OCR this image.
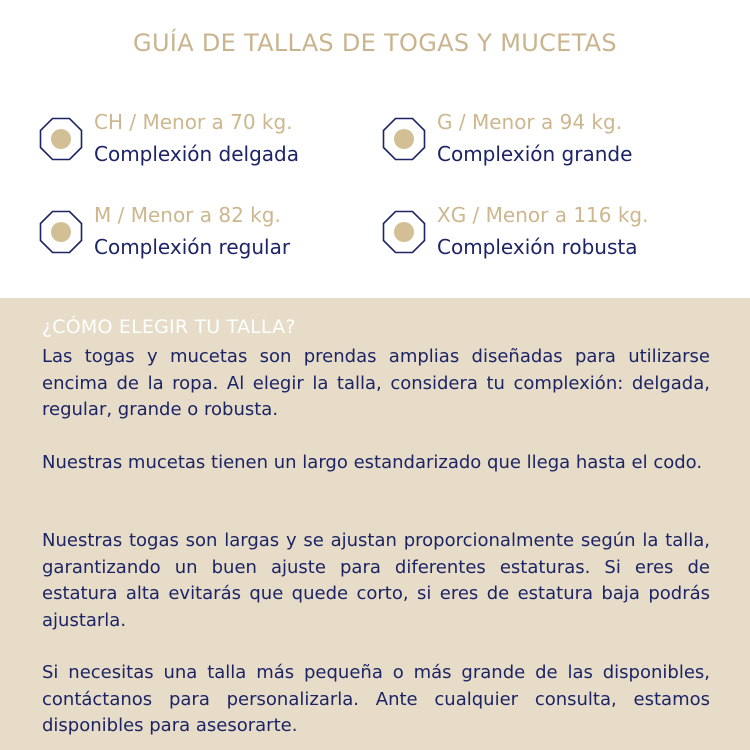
GUÍA DE TALLAS DE TOGAS Y MUCETAS
CH / Menor a 70 kg.
Complexión delgada
G / Menor a 94 kg.
Complexión grande
M / Menor a 82 kg.
Complexión regular
XG / Menor a 116 kg.
Complexión robusta
¿CÓMO ELEGIR TU TALLA?

Las togas y mucetas son prendas amplias diseñadas para utilizarse encima de la ropa. Al elegir la talla, considera tu complexión: delgada, regular, grande o robusta.

Nuestras mucetas tienen un largo estandarizado que llega hasta el codo.

Nuestras togas son largas y se ajustan proporcionalmente según la talla, garantizando un buen ajuste para diferentes estaturas. Si eres de estatura alta evitarás que quede corto, si eres de estatura baja podrás ajustarla.

Si necesitas una talla más pequeña o más grande de las disponibles, contáctanos para personalizarla. Ante cualquier consulta, estamos disponibles para asesorarte.
